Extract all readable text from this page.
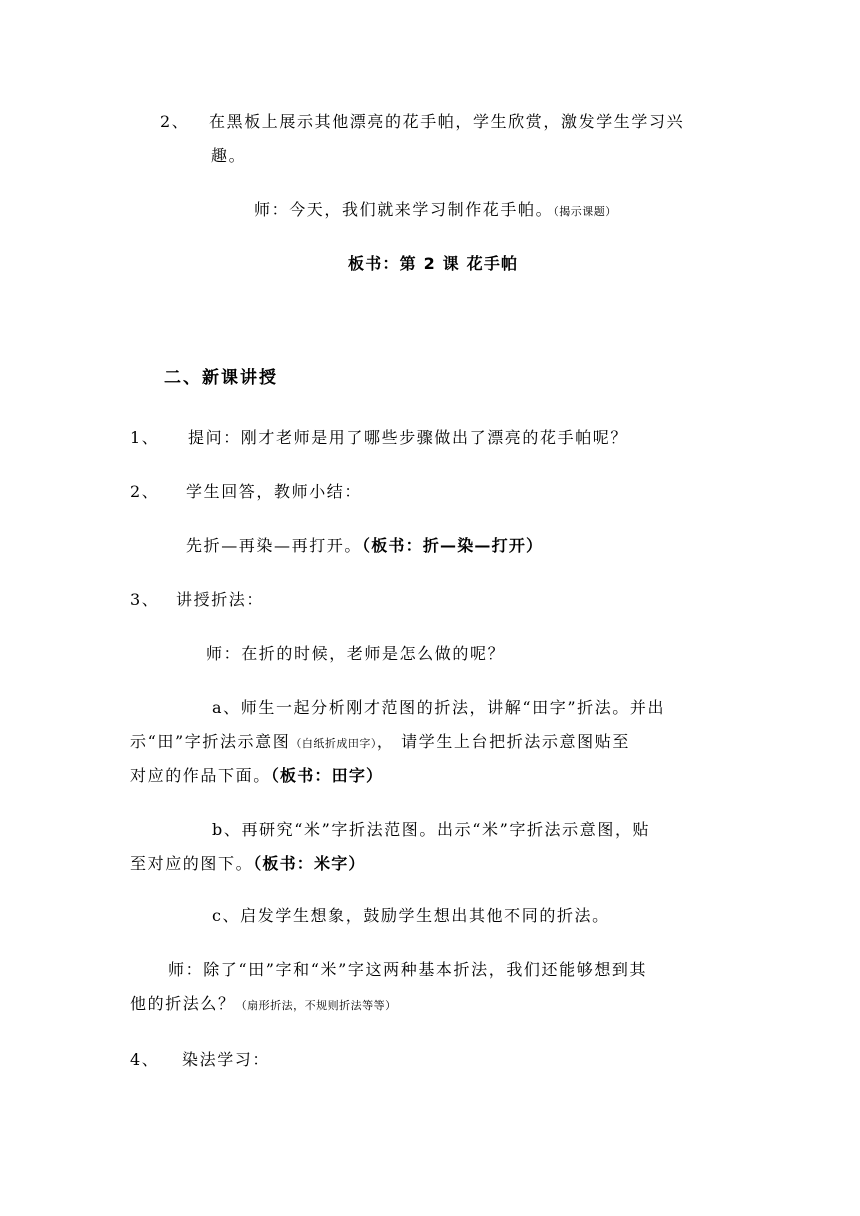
2、 在黑板上展示其他漂亮的花手帕，学生欣赏，激发学生学习兴
趣。
师：今天，我们就来学习制作花手帕。（揭示课题）
板书：第 2 课 花手帕
二、新课讲授
1、 提问：刚才老师是用了哪些步骤做出了漂亮的花手帕呢？
2、 学生回答，教师小结：
先折—再染—再打开。（板书：折—染—打开）
3、 讲授折法：
师：在折的时候，老师是怎么做的呢？
a、师生一起分析刚才范图的折法，讲解“田字”折法。并出
示“田”字折法示意图（白纸折成田字）， 请学生上台把折法示意图贴至
对应的作品下面。（板书：田字）
b、再研究“米”字折法范图。出示“米”字折法示意图，贴
至对应的图下。（板书：米字）
c、启发学生想象，鼓励学生想出其他不同的折法。
师：除了“田”字和“米”字这两种基本折法，我们还能够想到其
他的折法么？（扇形折法，不规则折法等等）
4、 染法学习：
